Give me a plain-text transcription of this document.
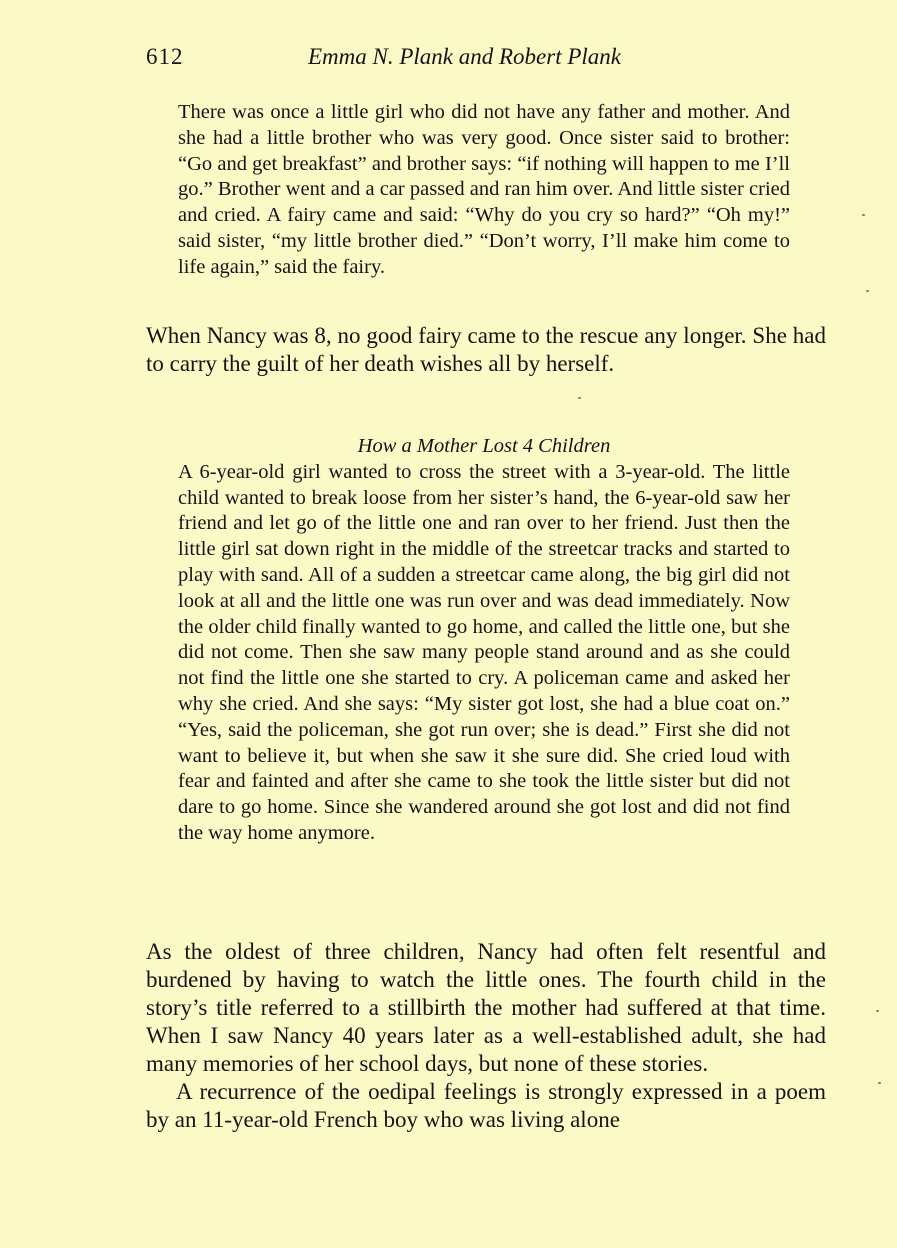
612	Emma N. Plank and Robert Plank

There was once a little girl who did not have any father and mother. And she had a little brother who was very good. Once sister said to brother: “Go and get breakfast” and brother says: “if nothing will happen to me I’ll go.” Brother went and a car passed and ran him over. And little sister cried and cried. A fairy came and said: “Why do you cry so hard?” “Oh my!” said sister, “my little brother died.” “Don’t worry, I’ll make him come to life again,” said the fairy.

When Nancy was 8, no good fairy came to the rescue any longer. She had to carry the guilt of her death wishes all by herself.

How a Mother Lost 4 Children

A 6-year-old girl wanted to cross the street with a 3-year-old. The little child wanted to break loose from her sister’s hand, the 6-year-old saw her friend and let go of the little one and ran over to her friend. Just then the little girl sat down right in the middle of the streetcar tracks and started to play with sand. All of a sudden a streetcar came along, the big girl did not look at all and the little one was run over and was dead immediately. Now the older child finally wanted to go home, and called the little one, but she did not come. Then she saw many people stand around and as she could not find the little one she started to cry. A policeman came and asked her why she cried. And she says: “My sister got lost, she had a blue coat on.” “Yes, said the policeman, she got run over; she is dead.” First she did not want to believe it, but when she saw it she sure did. She cried loud with fear and fainted and after she came to she took the little sister but did not dare to go home. Since she wandered around she got lost and did not find the way home anymore.

As the oldest of three children, Nancy had often felt resentful and burdened by having to watch the little ones. The fourth child in the story’s title referred to a stillbirth the mother had suffered at that time. When I saw Nancy 40 years later as a well-established adult, she had many memories of her school days, but none of these stories.

A recurrence of the oedipal feelings is strongly expressed in a poem by an 11-year-old French boy who was living alone
